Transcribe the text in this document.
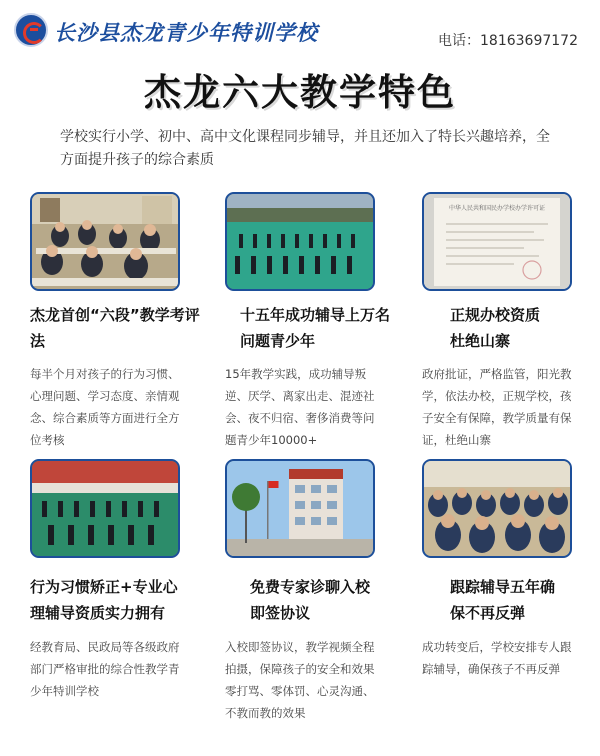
长沙县杰龙青少年特训学校	电话：18163697172
杰龙六大教学特色
学校实行小学、初中、高中文化课程同步辅导，并且还加入了特长兴趣培养，全方面提升孩子的综合素质
中华人民共和国民办学校办学许可证
杰龙首创“六段”教学考评法
十五年成功辅导上万名问题青少年
正规办校资质杜绝山寨
每半个月对孩子的行为习惯、心理问题、学习态度、亲情观念、综合素质等方面进行全方位考核
15年教学实践，成功辅导叛逆、厌学、离家出走、混迹社会、夜不归宿、奢侈消费等问题青少年10000+
政府批证，严格监管，阳光教学，依法办校，正规学校，孩子安全有保障，教学质量有保证，杜绝山寨
行为习惯矫正+专业心理辅导资质实力拥有
免费专家诊聊入校即签协议
跟踪辅导五年确保不再反弹
经教育局、民政局等各级政府部门严格审批的综合性教学青少年特训学校
入校即签协议，教学视频全程拍摄，保障孩子的安全和效果零打骂、零体罚、心灵沟通、不教而教的效果
成功转变后，学校安排专人跟踪辅导，确保孩子不再反弹
